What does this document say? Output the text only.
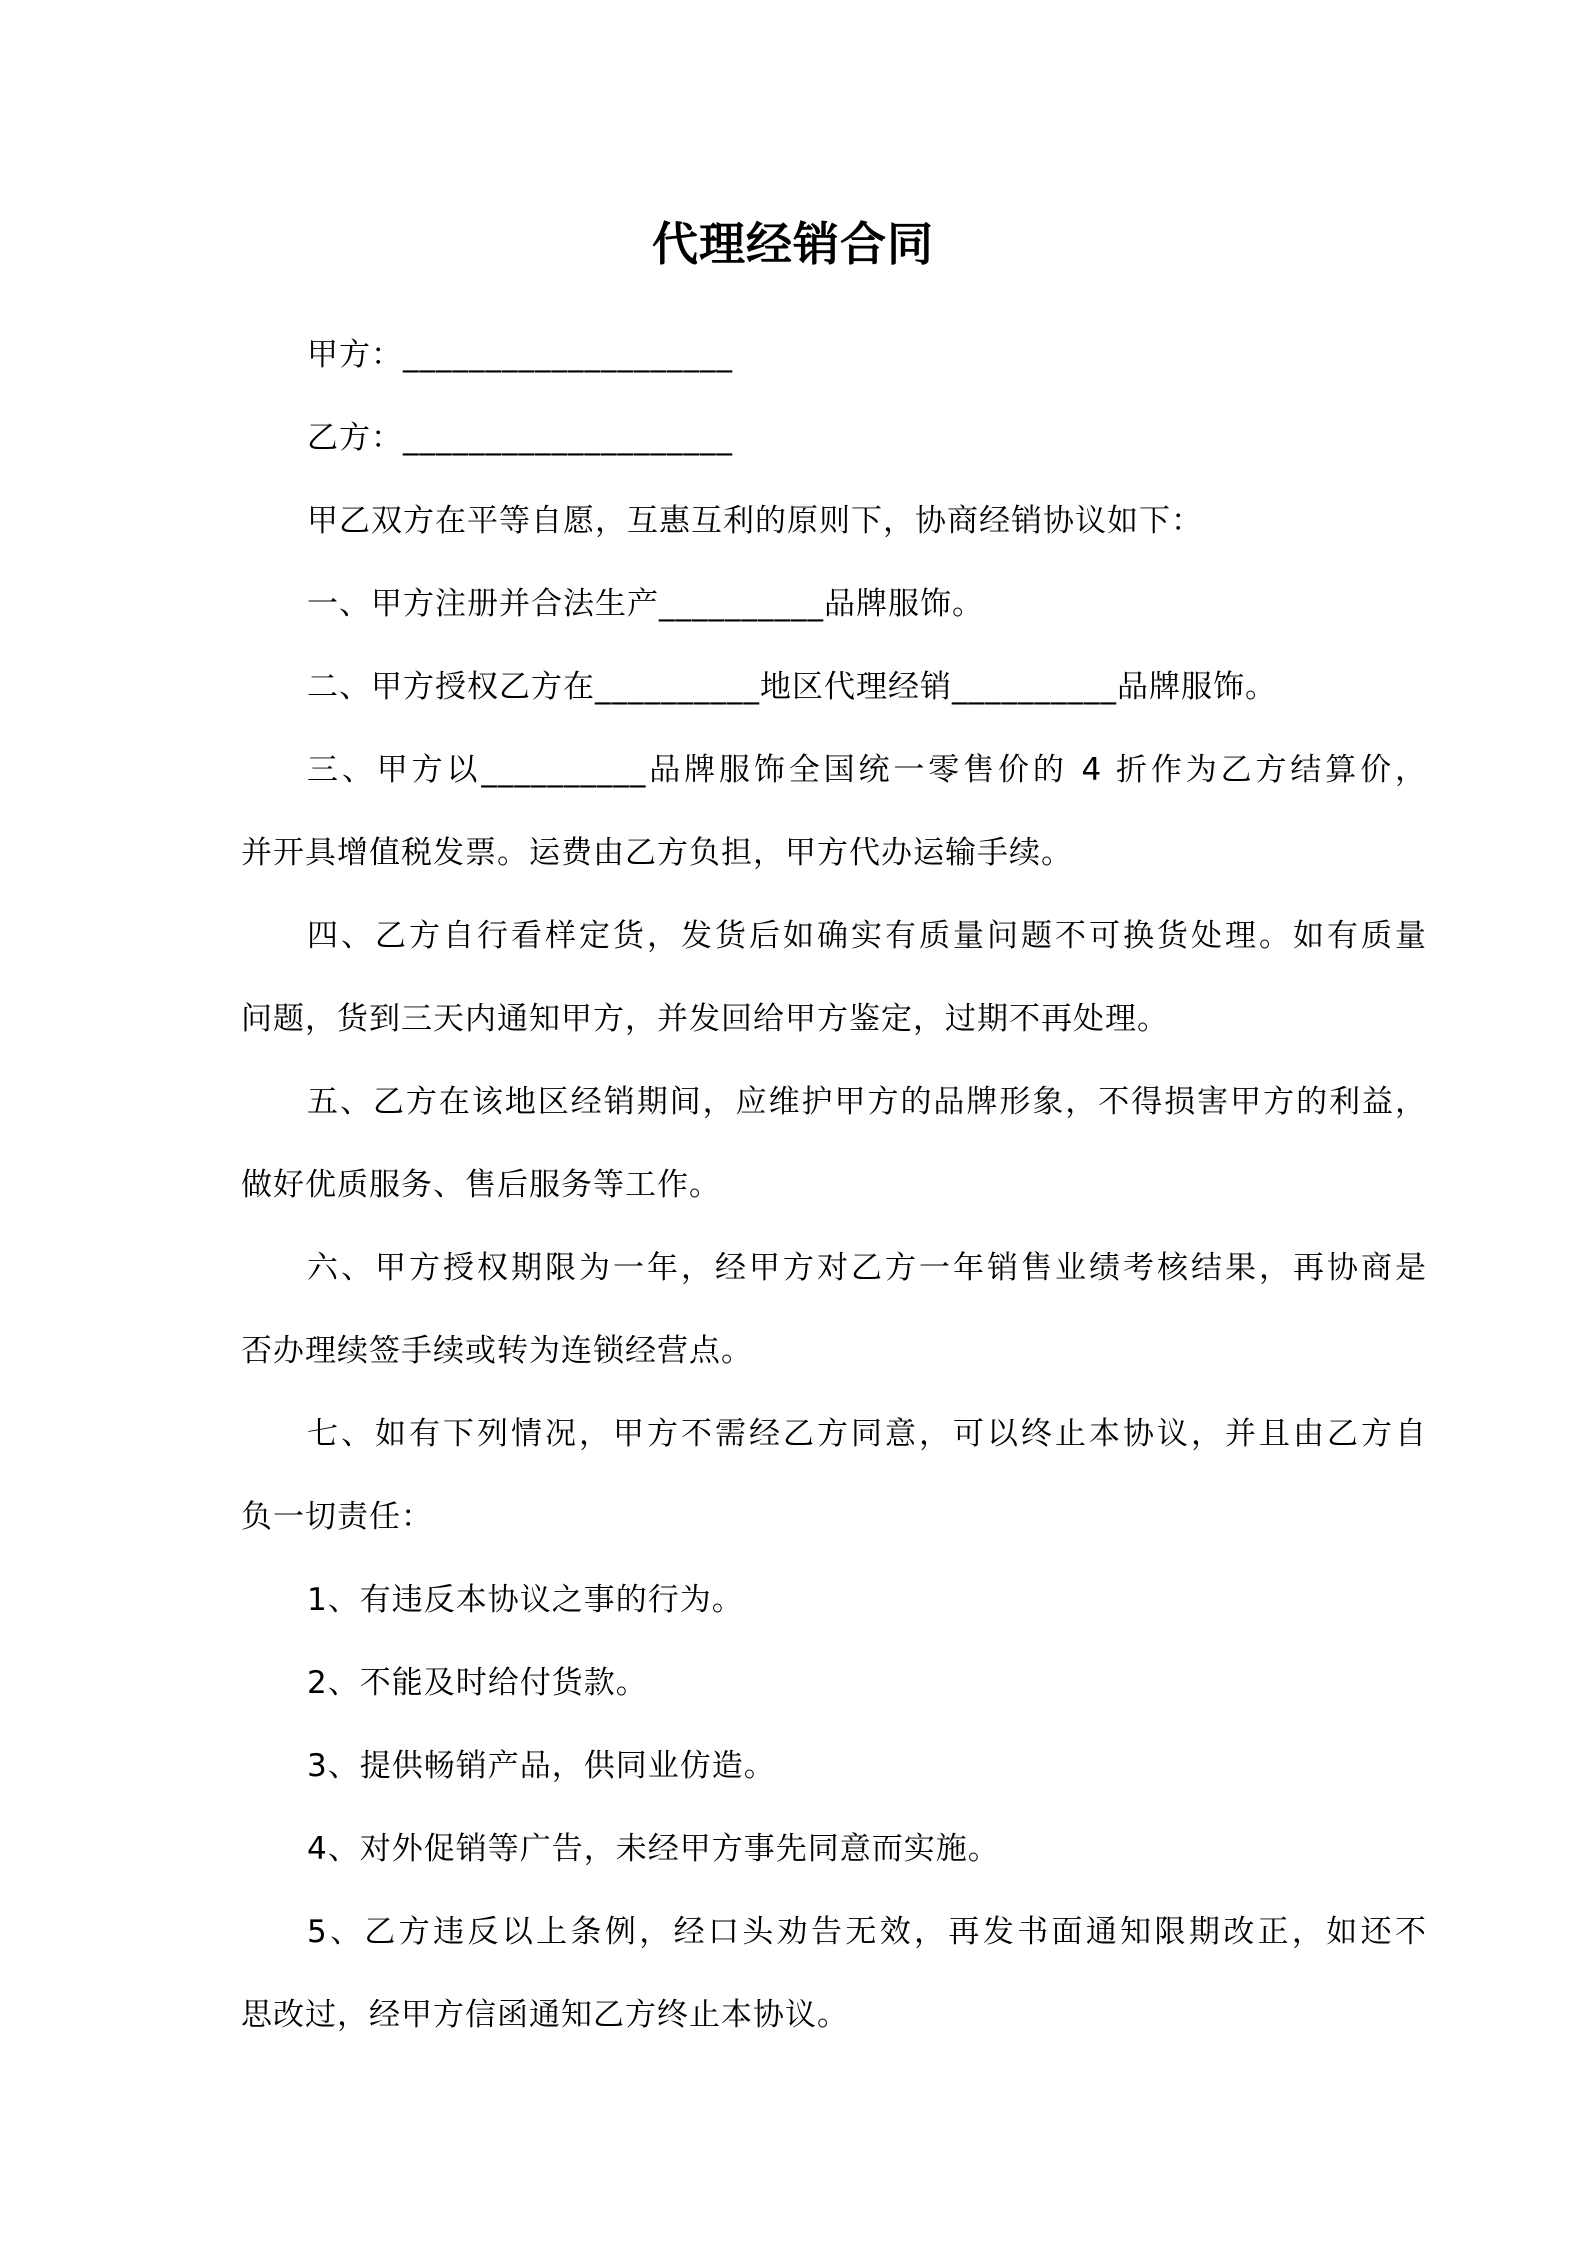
代理经销合同
甲方：____________________
乙方：____________________
甲乙双方在平等自愿，互惠互利的原则下，协商经销协议如下：
一、甲方注册并合法生产__________品牌服饰。
二、甲方授权乙方在__________地区代理经销__________品牌服饰。
三、甲方以__________品牌服饰全国统一零售价的 4 折作为乙方结算价，
并开具增值税发票。运费由乙方负担，甲方代办运输手续。
四、乙方自行看样定货，发货后如确实有质量问题不可换货处理。如有质量
问题，货到三天内通知甲方，并发回给甲方鉴定，过期不再处理。
五、乙方在该地区经销期间，应维护甲方的品牌形象，不得损害甲方的利益，
做好优质服务、售后服务等工作。
六、甲方授权期限为一年，经甲方对乙方一年销售业绩考核结果，再协商是
否办理续签手续或转为连锁经营点。
七、如有下列情况，甲方不需经乙方同意，可以终止本协议，并且由乙方自
负一切责任：
1、有违反本协议之事的行为。
2、不能及时给付货款。
3、提供畅销产品，供同业仿造。
4、对外促销等广告，未经甲方事先同意而实施。
5、乙方违反以上条例，经口头劝告无效，再发书面通知限期改正，如还不
思改过，经甲方信函通知乙方终止本协议。
